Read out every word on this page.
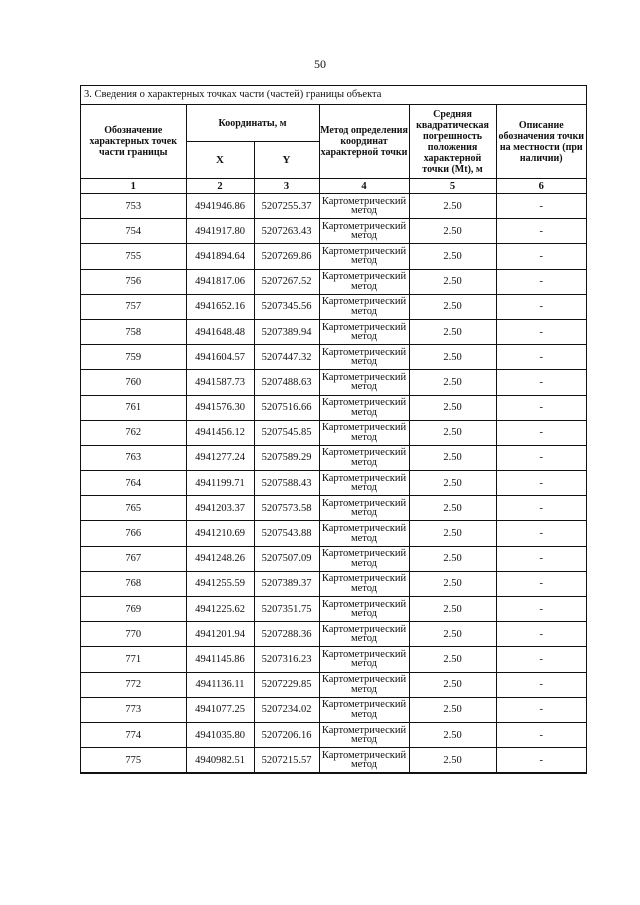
50
3. Сведения о характерных точках части (частей) границы объекта
Обозначение характерных точек части границы	Координаты, м		Метод определения координат характерной точки	Средняя квадратическая погрешность положения характерной точки (Mt), м	Описание обозначения точки на местности (при наличии)
	X	Y			
1	2	3	4	5	6
753	4941946.86	5207255.37	Картометрический метод	2.50	-
754	4941917.80	5207263.43	Картометрический метод	2.50	-
755	4941894.64	5207269.86	Картометрический метод	2.50	-
756	4941817.06	5207267.52	Картометрический метод	2.50	-
757	4941652.16	5207345.56	Картометрический метод	2.50	-
758	4941648.48	5207389.94	Картометрический метод	2.50	-
759	4941604.57	5207447.32	Картометрический метод	2.50	-
760	4941587.73	5207488.63	Картометрический метод	2.50	-
761	4941576.30	5207516.66	Картометрический метод	2.50	-
762	4941456.12	5207545.85	Картометрический метод	2.50	-
763	4941277.24	5207589.29	Картометрический метод	2.50	-
764	4941199.71	5207588.43	Картометрический метод	2.50	-
765	4941203.37	5207573.58	Картометрический метод	2.50	-
766	4941210.69	5207543.88	Картометрический метод	2.50	-
767	4941248.26	5207507.09	Картометрический метод	2.50	-
768	4941255.59	5207389.37	Картометрический метод	2.50	-
769	4941225.62	5207351.75	Картометрический метод	2.50	-
770	4941201.94	5207288.36	Картометрический метод	2.50	-
771	4941145.86	5207316.23	Картометрический метод	2.50	-
772	4941136.11	5207229.85	Картометрический метод	2.50	-
773	4941077.25	5207234.02	Картометрический метод	2.50	-
774	4941035.80	5207206.16	Картометрический метод	2.50	-
775	4940982.51	5207215.57	Картометрический метод	2.50	-
